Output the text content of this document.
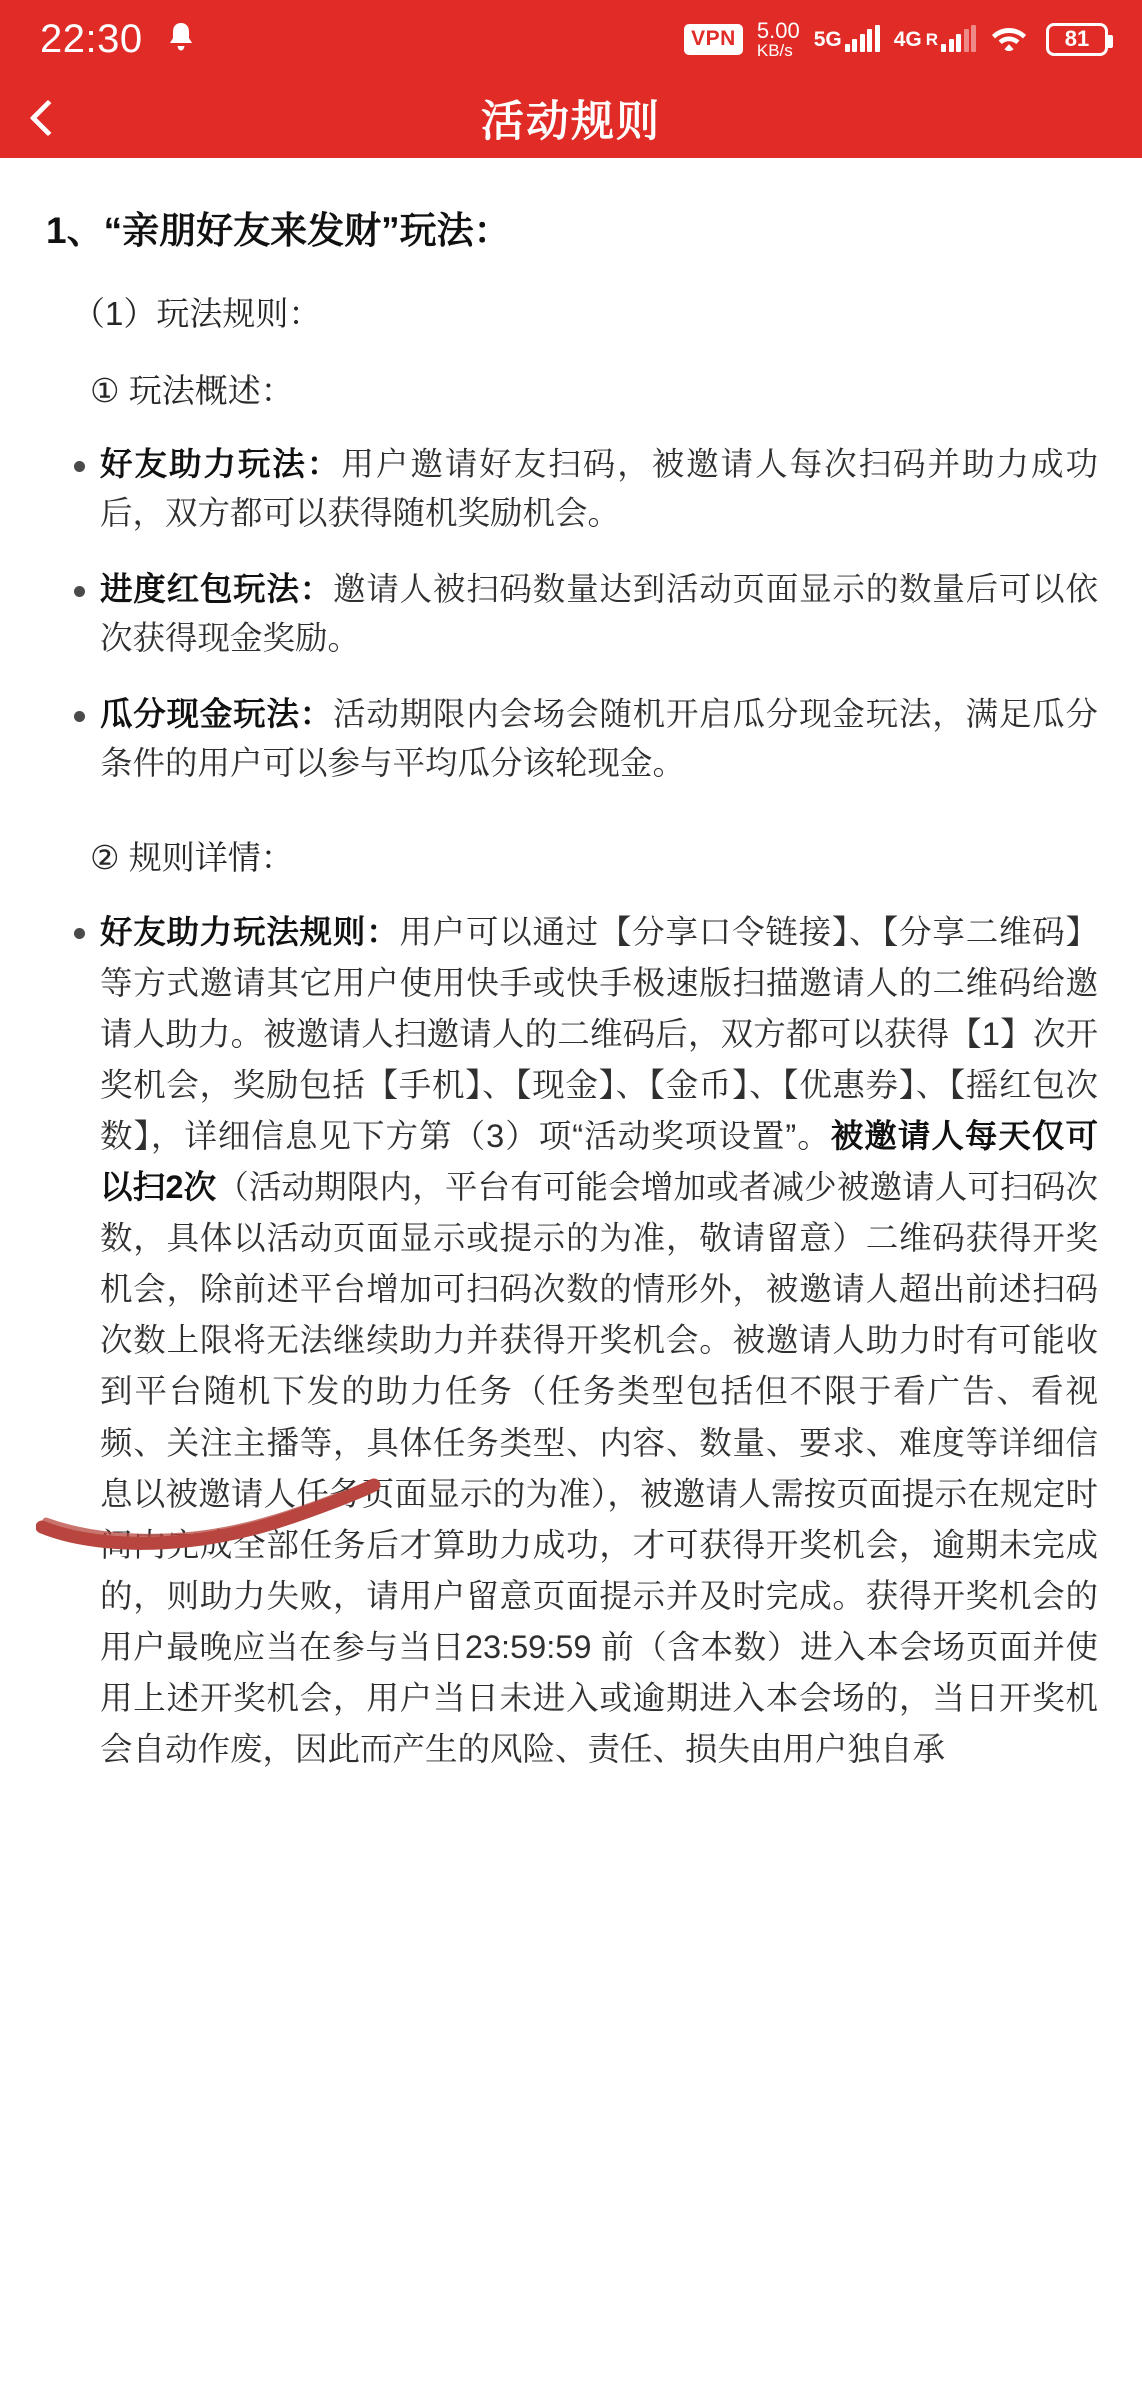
22:30	VPN 5.00
KB/s 5G 4G R	81
活动规则
1、“亲朋好友来发财”玩法：
（1）玩法规则：
① 玩法概述：
好友助力玩法：用户邀请好友扫码，被邀请人每次扫码并助力成功后，双方都可以获得随机奖励机会。
进度红包玩法：邀请人被扫码数量达到活动页面显示的数量后可以依次获得现金奖励。
瓜分现金玩法：活动期限内会场会随机开启瓜分现金玩法，满足瓜分条件的用户可以参与平均瓜分该轮现金。
② 规则详情：

好友助力玩法规则：用户可以通过【分享口令链接】、【分享二维码】等方式邀请其它用户使用快手或快手极速版扫描邀请人的二维码给邀请人助力。被邀请人扫邀请人的二维码后，双方都可以获得【1】次开奖机会，奖励包括【手机】、【现金】、【金币】、【优惠券】、【摇红包次数】，详细信息见下方第（3）项“活动奖项设置”。被邀请人每天仅可以扫2次（活动期限内，平台有可能会增加或者减少被邀请人可扫码次数，具体以活动页面显示或提示的为准，敬请留意）二维码获得开奖机会，除前述平台增加可扫码次数的情形外，被邀请人超出前述扫码次数上限将无法继续助力并获得开奖机会。被邀请人助力时有可能收到平台随机下发的助力任务（任务类型包括但不限于看广告、看视频、关注主播等，具体任务类型、内容、数量、要求、难度等详细信息以被邀请人任务页面显示的为准），被邀请人需按页面提示在规定时间内完成全部任务后才算助力成功，才可获得开奖机会，逾期未完成的，则助力失败，请用户留意页面提示并及时完成。获得开奖机会的用户最晚应当在参与当日23:59:59 前（含本数）进入本会场页面并使用上述开奖机会，用户当日未进入或逾期进入本会场的，当日开奖机会自动作废，因此而产生的风险、责任、损失由用户独自承
